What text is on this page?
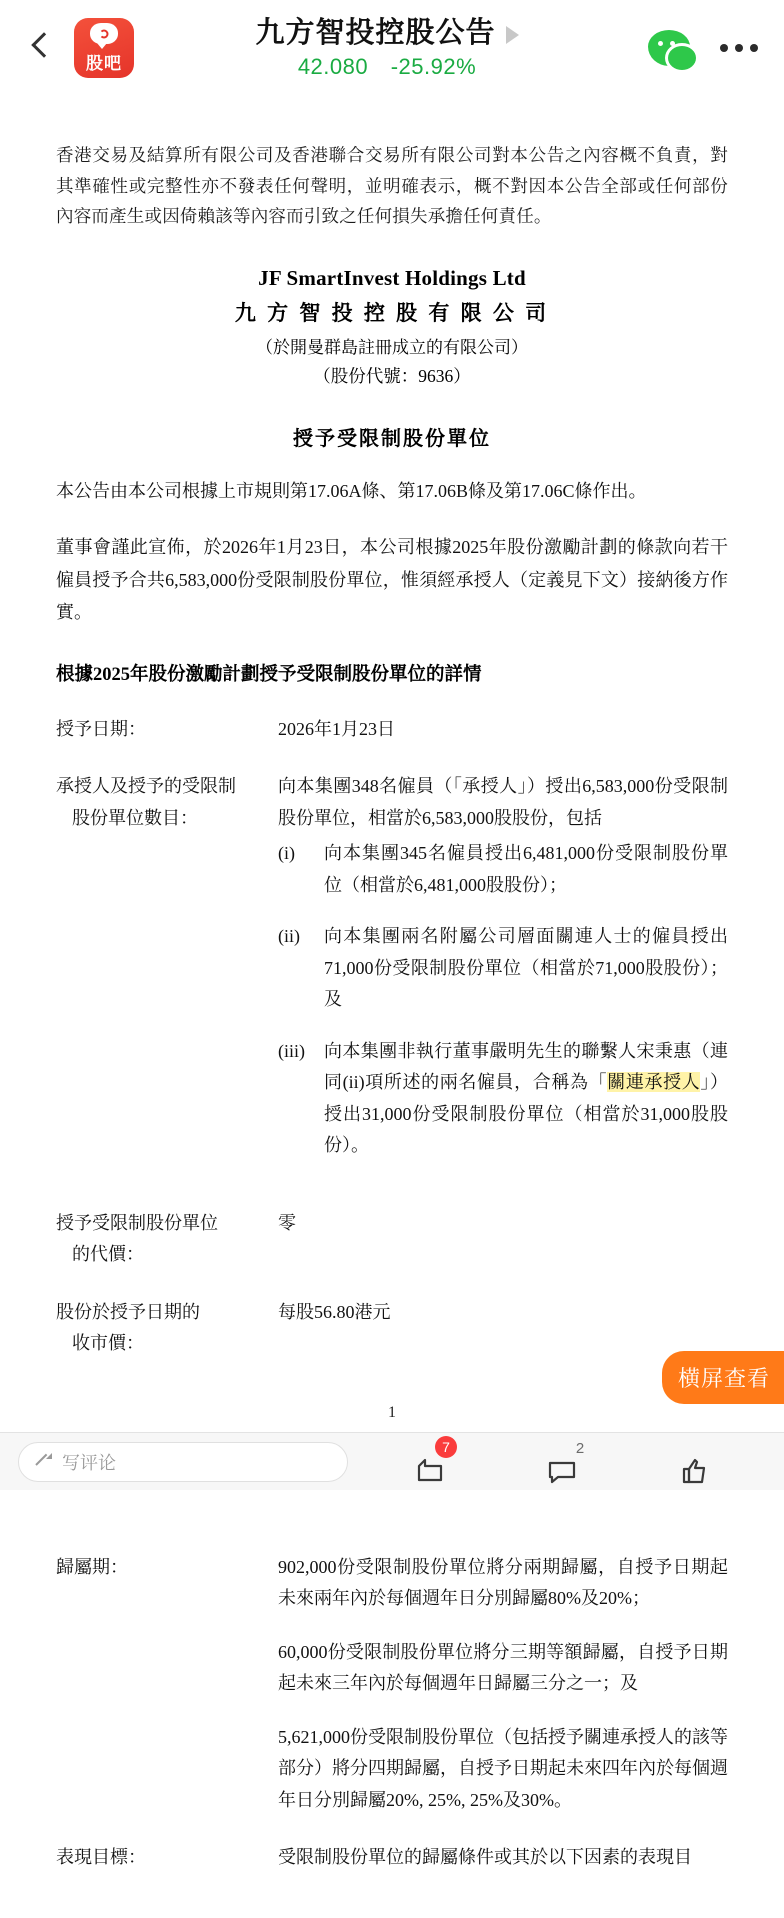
股吧
九方智投控股公告
42.080 -25.92%
香港交易及結算所有限公司及香港聯合交易所有限公司對本公告之內容概不負責，對其準確性或完整性亦不發表任何聲明，並明確表示，概不對因本公告全部或任何部份內容而產生或因倚賴該等內容而引致之任何損失承擔任何責任。
JF SmartInvest Holdings Ltd
九 方 智 投 控 股 有 限 公 司
（於開曼群島註冊成立的有限公司）
（股份代號：9636）
授予受限制股份單位
本公告由本公司根據上市規則第17.06A條、第17.06B條及第17.06C條作出。
董事會謹此宣佈，於2026年1月23日，本公司根據2025年股份激勵計劃的條款向若干僱員授予合共6,583,000份受限制股份單位，惟須經承授人（定義見下文）接納後方作實。
根據2025年股份激勵計劃授予受限制股份單位的詳情
授予日期：	2026年1月23日
承授人及授予的受限制
股份單位數目：

向本集團348名僱員（「承授人」）授出6,583,000份受限制股份單位，相當於6,583,000股股份，包括
(i)	向本集團345名僱員授出6,481,000份受限制股份單位（相當於6,481,000股股份）；
(ii)	向本集團兩名附屬公司層面關連人士的僱員授出71,000份受限制股份單位（相當於71,000股股份）；及
(iii)	向本集團非執行董事嚴明先生的聯繫人宋秉惠（連同(ii)項所述的兩名僱員，合稱為「關連承授人」）授出31,000份受限制股份單位（相當於31,000股股份）。

授予受限制股份單位
的代價：	零
股份於授予日期的
收市價：	每股56.80港元
1
歸屬期：	902,000份受限制股份單位將分兩期歸屬，自授予日期起未來兩年內於每個週年日分別歸屬80%及20%；
60,000份受限制股份單位將分三期等額歸屬，自授予日期起未來三年內於每個週年日歸屬三分之一；及
5,621,000份受限制股份單位（包括授予關連承授人的該等部分）將分四期歸屬，自授予日期起未來四年內於每個週年日分別歸屬20%, 25%, 25%及30%。

表現目標：	受限制股份單位的歸屬條件或其於以下因素的表現目
横屏查看
写评论
7	2
